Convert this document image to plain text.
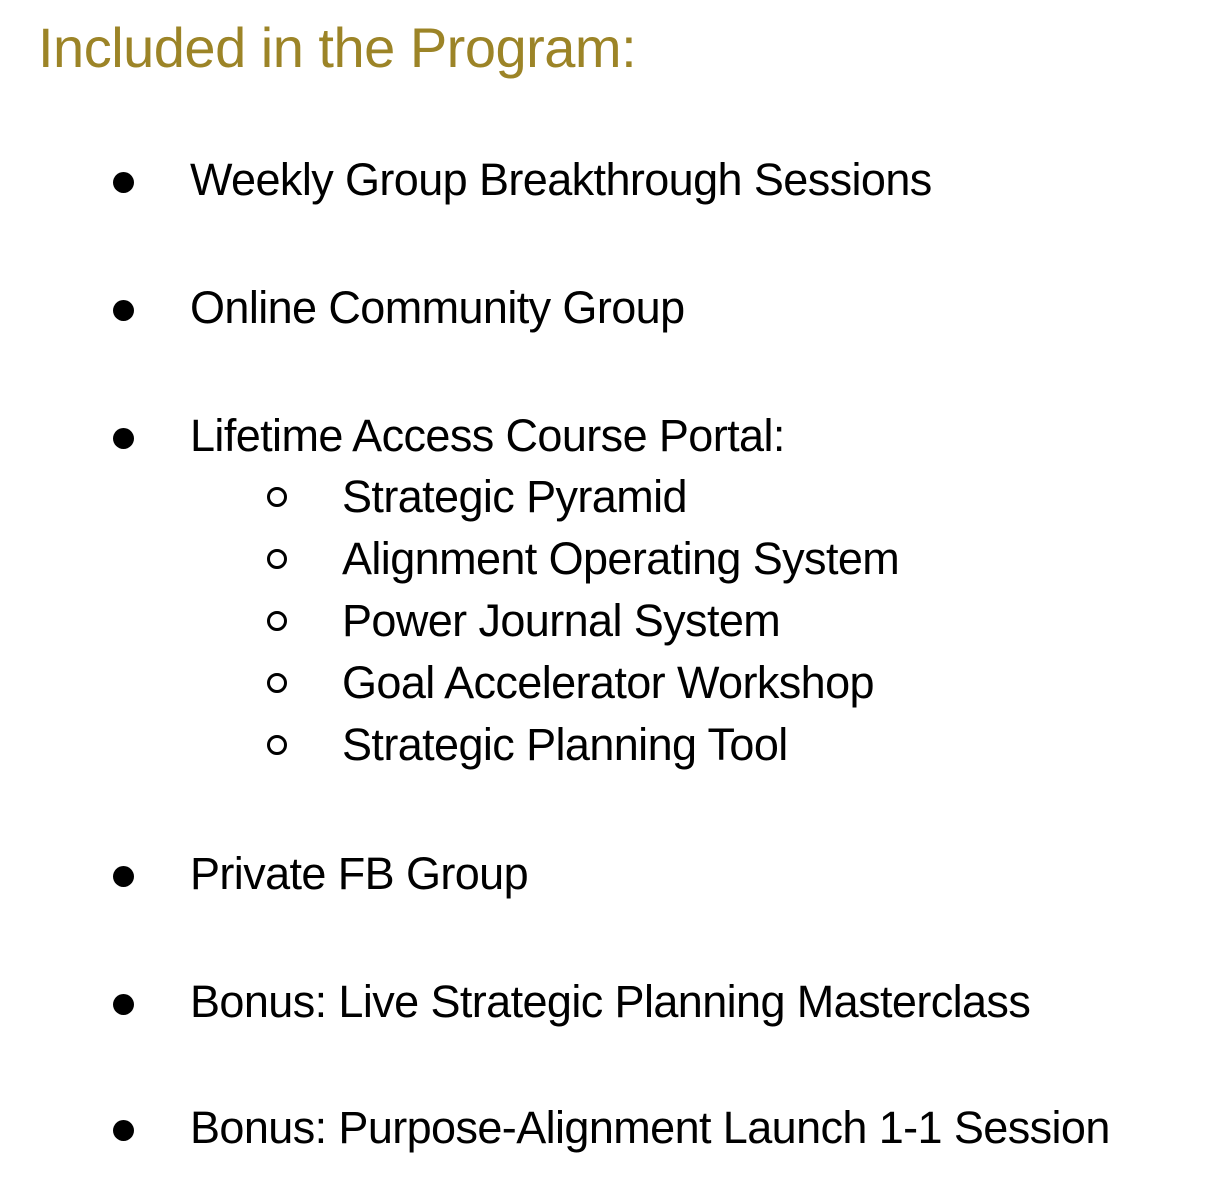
Included in the Program:
Weekly Group Breakthrough Sessions
Online Community Group
Lifetime Access Course Portal:
Strategic Pyramid
Alignment Operating System
Power Journal System
Goal Accelerator Workshop
Strategic Planning Tool
Private FB Group
Bonus: Live Strategic Planning Masterclass
Bonus: Purpose-Alignment Launch 1-1 Session
